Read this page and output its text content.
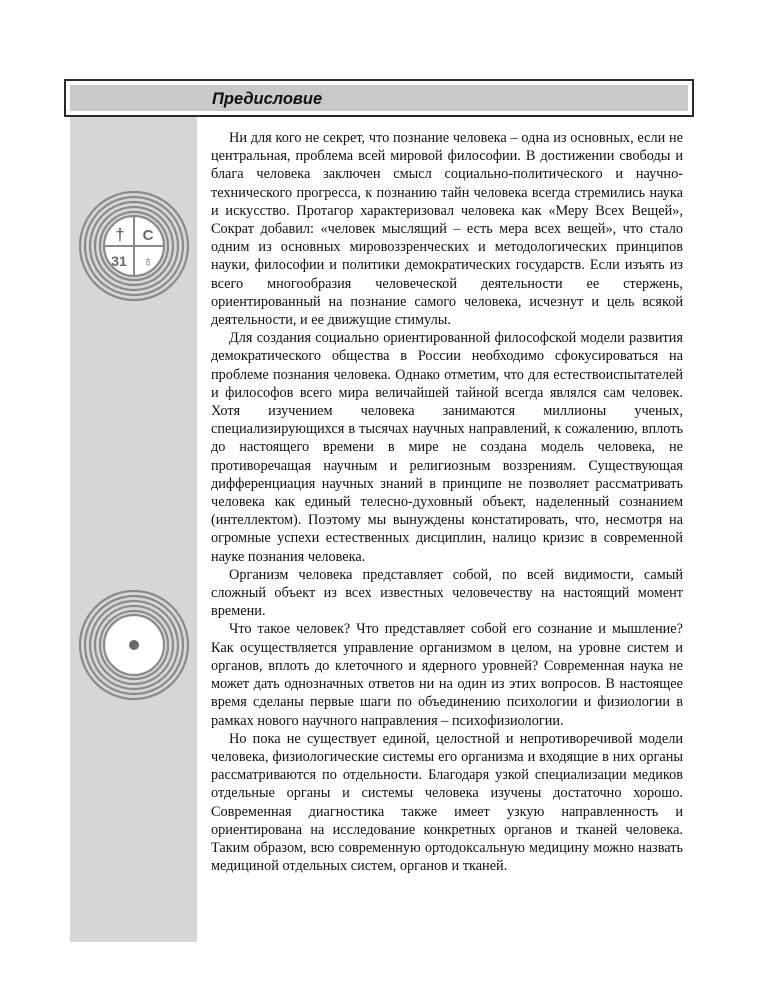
Предисловие
† C
31 ♁

Ни для кого не секрет, что познание человека – одна из основных, если не центральная, проблема всей мировой философии. В достижении свободы и блага человека заключен смысл социально-политического и научно-технического прогресса, к познанию тайн человека всегда стремились наука и искусство. Протагор характеризовал человека как «Меру Всех Вещей», Сократ добавил: «человек мыслящий – есть мера всех вещей», что стало одним из основных мировоззренческих и методологических принципов науки, философии и политики демократических государств. Если изъять из всего многообразия человеческой деятельности ее стержень, ориентированный на познание самого человека, исчезнут и цель всякой деятельности, и ее движущие стимулы.

Для создания социально ориентированной философской модели развития демократического общества в России необходимо сфокусироваться на проблеме познания человека. Однако отметим, что для естествоиспытателей и философов всего мира величайшей тайной всегда являлся сам человек. Хотя изучением человека занимаются миллионы ученых, специализирующихся в тысячах научных направлений, к сожалению, вплоть до настоящего времени в мире не создана модель человека, не противоречащая научным и религиозным воззрениям. Существующая дифференциация научных знаний в принципе не позволяет рассматривать человека как единый телесно-духовный объект, наделенный сознанием (интеллектом). Поэтому мы вынуждены констатировать, что, несмотря на огромные успехи естественных дисциплин, налицо кризис в современной науке познания человека.

Организм человека представляет собой, по всей видимости, самый сложный объект из всех известных человечеству на настоящий момент времени.

Что такое человек? Что представляет собой его сознание и мышление? Как осуществляется управление организмом в целом, на уровне систем и органов, вплоть до клеточного и ядерного уровней? Современная наука не может дать однозначных ответов ни на один из этих вопросов. В настоящее время сделаны первые шаги по объединению психологии и физиологии в рамках нового научного направления – психофизиологии.

Но пока не существует единой, целостной и непротиворечивой модели человека, физиологические системы его организма и входящие в них органы рассматриваются по отдельности. Благодаря узкой специализации медиков отдельные органы и системы человека изучены достаточно хорошо. Современная диагностика также имеет узкую направленность и ориентирована на исследование конкретных органов и тканей человека. Таким образом, всю современную ортодоксальную медицину можно назвать медициной отдельных систем, органов и тканей.
